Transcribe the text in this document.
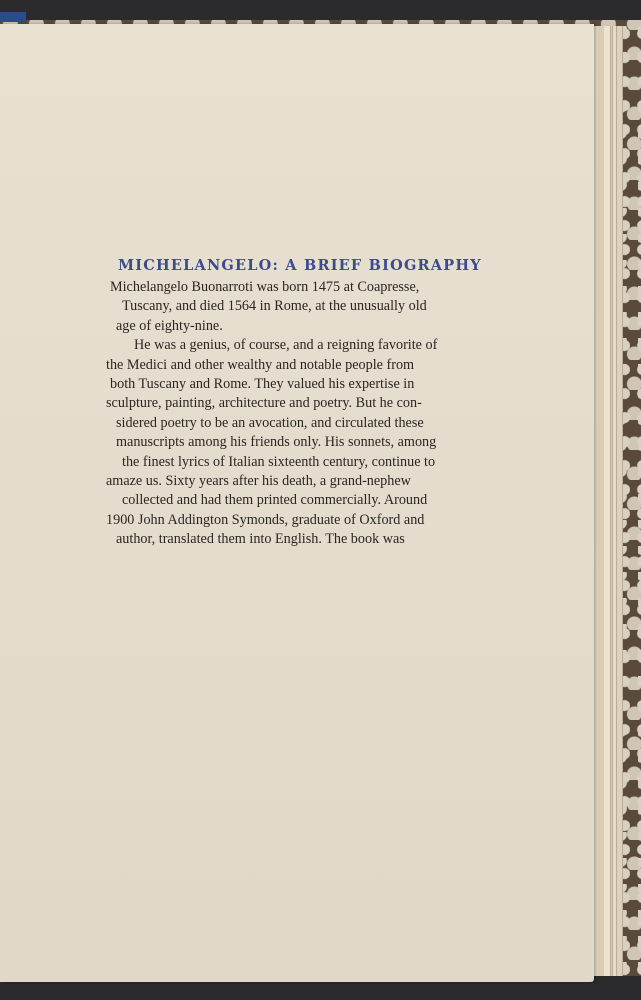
MICHELANGELO: A BRIEF BIOGRAPHY
Michelangelo Buonarroti was born 1475 at Coapresse,
Tuscany, and died 1564 in Rome, at the unusually old
age of eighty-nine.
He was a genius, of course, and a reigning favorite of
the Medici and other wealthy and notable people from
both Tuscany and Rome. They valued his expertise in
sculpture, painting, architecture and poetry. But he con-
sidered poetry to be an avocation, and circulated these
manuscripts among his friends only. His sonnets, among
the finest lyrics of Italian sixteenth century, continue to
amaze us. Sixty years after his death, a grand-nephew
collected and had them printed commercially. Around
1900 John Addington Symonds, graduate of Oxford and
author, translated them into English. The book was
